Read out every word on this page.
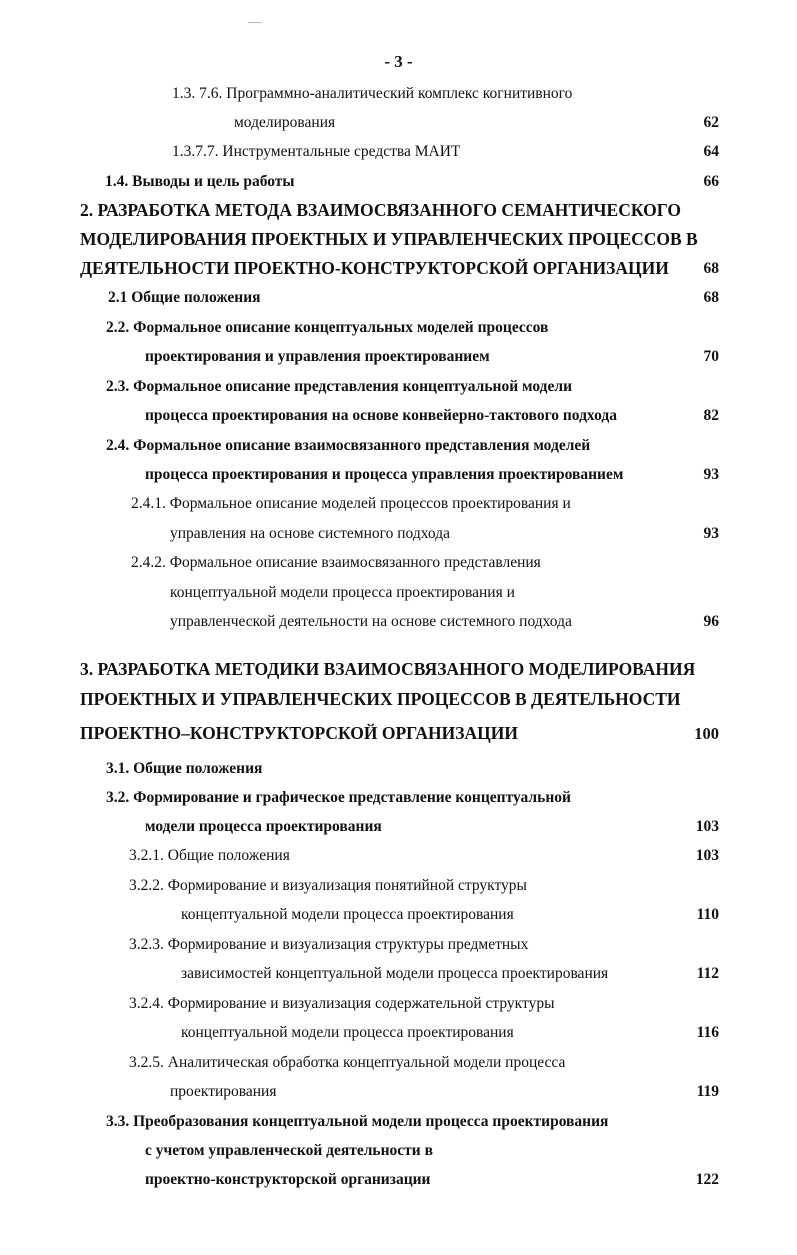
- 3 -
1.3. 7.6. Программно-аналитический комплекс когнитивного
моделирования	62
1.3.7.7. Инструментальные средства МАИТ	64
1.4. Выводы и цель работы	66
2. РАЗРАБОТКА МЕТОДА ВЗАИМОСВЯЗАННОГО СЕМАНТИЧЕСКОГО
МОДЕЛИРОВАНИЯ ПРОЕКТНЫХ И УПРАВЛЕНЧЕСКИХ ПРОЦЕССОВ В
ДЕЯТЕЛЬНОСТИ ПРОЕКТНО-КОНСТРУКТОРСКОЙ ОРГАНИЗАЦИИ 68
2.1 Общие положения	68
2.2. Формальное описание концептуальных моделей процессов
проектирования и управления проектированием	70
2.3. Формальное описание представления концептуальной модели
процесса проектирования на основе конвейерно-тактового подхода	82
2.4. Формальное описание взаимосвязанного представления моделей
процесса проектирования и процесса управления проектированием	93
2.4.1. Формальное описание моделей процессов проектирования и
управления на основе системного подхода	93
2.4.2. Формальное описание взаимосвязанного представления
концептуальной модели процесса проектирования и
управленческой деятельности на основе системного подхода	96
3. РАЗРАБОТКА МЕТОДИКИ ВЗАИМОСВЯЗАННОГО МОДЕЛИРОВАНИЯ
ПРОЕКТНЫХ И УПРАВЛЕНЧЕСКИХ ПРОЦЕССОВ В ДЕЯТЕЛЬНОСТИ
ПРОЕКТНО–КОНСТРУКТОРСКОЙ ОРГАНИЗАЦИИ	100
3.1. Общие положения
3.2. Формирование и графическое представление концептуальной
модели процесса проектирования	103
3.2.1. Общие положения	103
3.2.2. Формирование и визуализация понятийной структуры
концептуальной модели процесса проектирования	110
3.2.3. Формирование и визуализация структуры предметных
зависимостей концептуальной модели процесса проектирования	112
3.2.4. Формирование и визуализация содержательной структуры
концептуальной модели процесса проектирования	116
3.2.5. Аналитическая обработка концептуальной модели процесса
проектирования	119
3.3. Преобразования концептуальной модели процесса проектирования
с учетом управленческой деятельности в
проектно-конструкторской организации	122
